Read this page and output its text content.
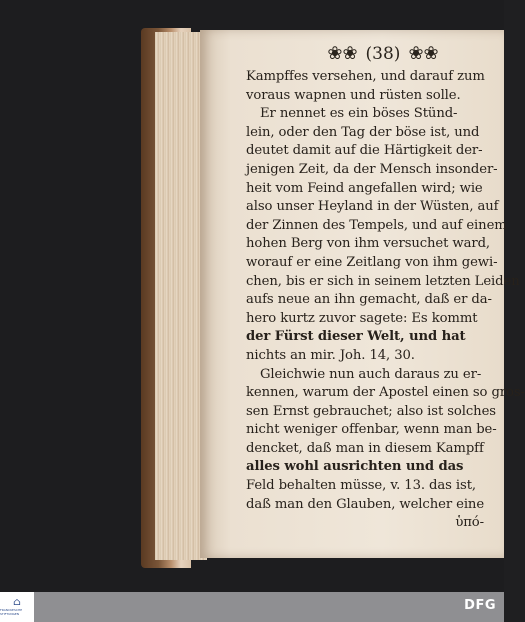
❀❀ (38) ❀❀
Kampffes versehen, und darauf zum
voraus wapnen und rüsten solle.
Er nennet es ein böses Stünd-
lein, oder den Tag der böse ist, und
deutet damit auf die Härtigkeit der-
jenigen Zeit, da der Mensch insonder-
heit vom Feind angefallen wird; wie
also unser Heyland in der Wüsten, auf
der Zinnen des Tempels, und auf einem
hohen Berg von ihm versuchet ward,
worauf er eine Zeitlang von ihm gewi-
chen, bis er sich in seinem letzten Leiden
aufs neue an ihn gemacht, daß er da-
hero kurtz zuvor sagete: Es kommt
der Fürst dieser Welt, und hat
nichts an mir. Joh. 14, 30.
Gleichwie nun auch daraus zu er-
kennen, warum der Apostel einen so gros-
sen Ernst gebrauchet; also ist solches
nicht weniger offenbar, wenn man be-
dencket, daß man in diesem Kampff
alles wohl ausrichten und das
Feld behalten müsse, v. 13. das ist,
daß man den Glauben, welcher eine
ὑπό-
⌂
FRANCKESCHE STIFTUNGEN
DFG
